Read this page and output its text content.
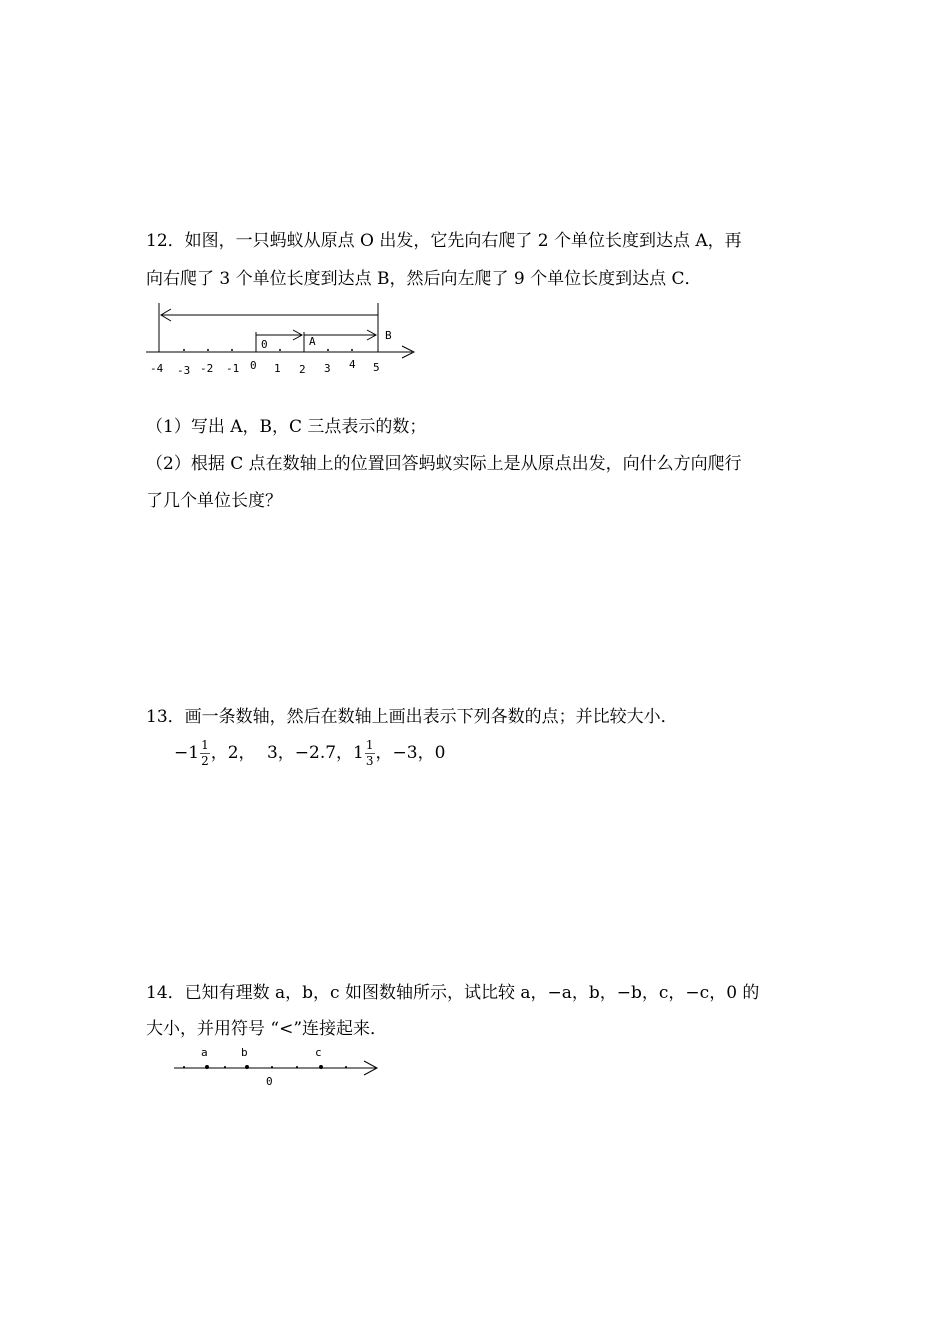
12．如图，一只蚂蚁从原点 O 出发，它先向右爬了 2 个单位长度到达点 A，再
向右爬了 3 个单位长度到达点 B，然后向左爬了 9 个单位长度到达点 C．
0	A	B
-4 -3 -2 -1 0 1 2 3 4 5
（1）写出 A，B，C 三点表示的数；
（2）根据 C 点在数轴上的位置回答蚂蚁实际上是从原点出发，向什么方向爬行
了几个单位长度？
13．画一条数轴，然后在数轴上画出表示下列各数的点；并比较大小．
$-1 \frac{1}{2}$ ，2， 3，−2.7，$1 \frac{1}{3}$ ，−3，0
14．已知有理数 a，b，c 如图数轴所示，试比较 a，−a，b，−b，c，−c，0 的
大小，并用符号 “<”连接起来．
a	b	c
0
